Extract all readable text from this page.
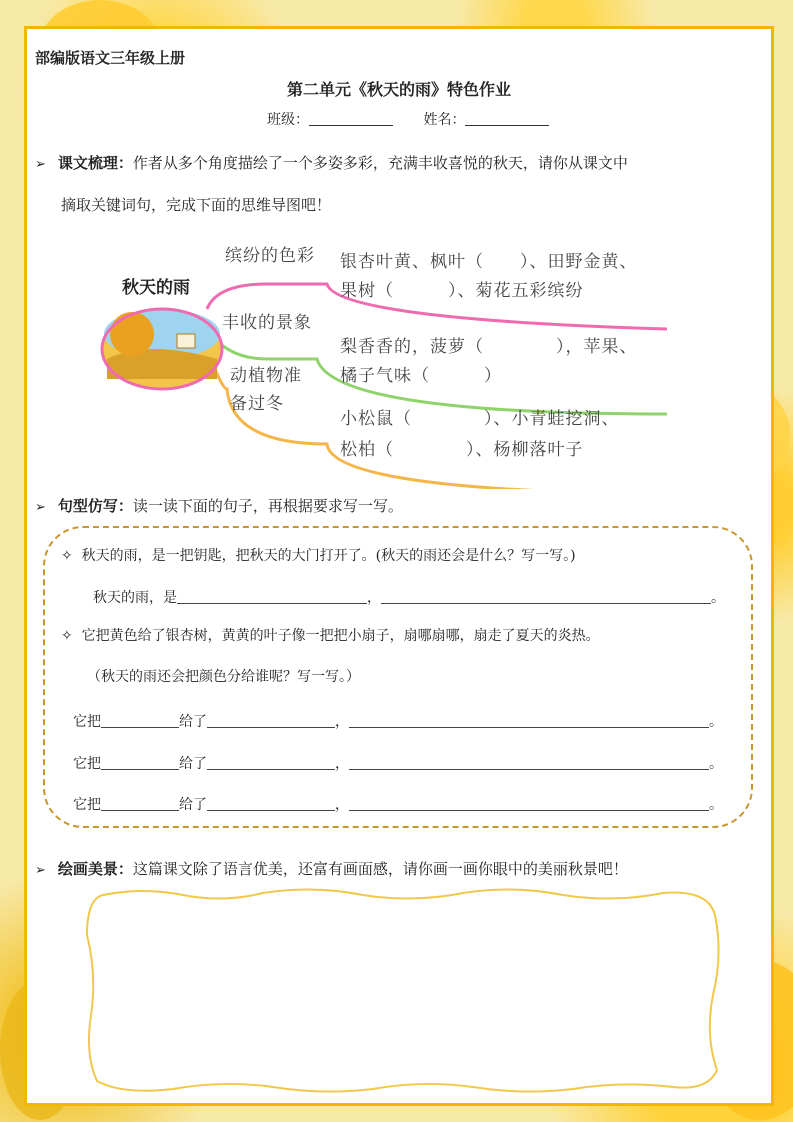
部编版语文三年级上册
第二单元《秋天的雨》特色作业
班级：	姓名：
➢ 课文梳理：作者从多个角度描绘了一个多姿多彩，充满丰收喜悦的秋天，请你从课文中
摘取关键词句，完成下面的思维导图吧！
秋天的雨
缤纷的色彩 银杏叶黄、枫叶（　　）、田野金黄、
果树（　　　）、菊花五彩缤纷
丰收的景象
梨香香的，菠萝（　　　　），苹果、
橘子气味（　　　）
动植物准
备过冬
小松鼠（　　　　）、小青蛙挖洞、
松柏（　　　　）、杨柳落叶子
➢ 句型仿写：读一读下面的句子，再根据要求写一写。
✧ 秋天的雨，是一把钥匙，把秋天的大门打开了。(秋天的雨还会是什么？写一写。)
秋天的雨，是	，	。
✧ 它把黄色给了银杏树，黄黄的叶子像一把把小扇子，扇哪扇哪，扇走了夏天的炎热。
（秋天的雨还会把颜色分给谁呢？写一写。）
它把	给了	，	。
它把	给了	，	。
它把	给了	，	。
➢ 绘画美景：这篇课文除了语言优美，还富有画面感，请你画一画你眼中的美丽秋景吧！
